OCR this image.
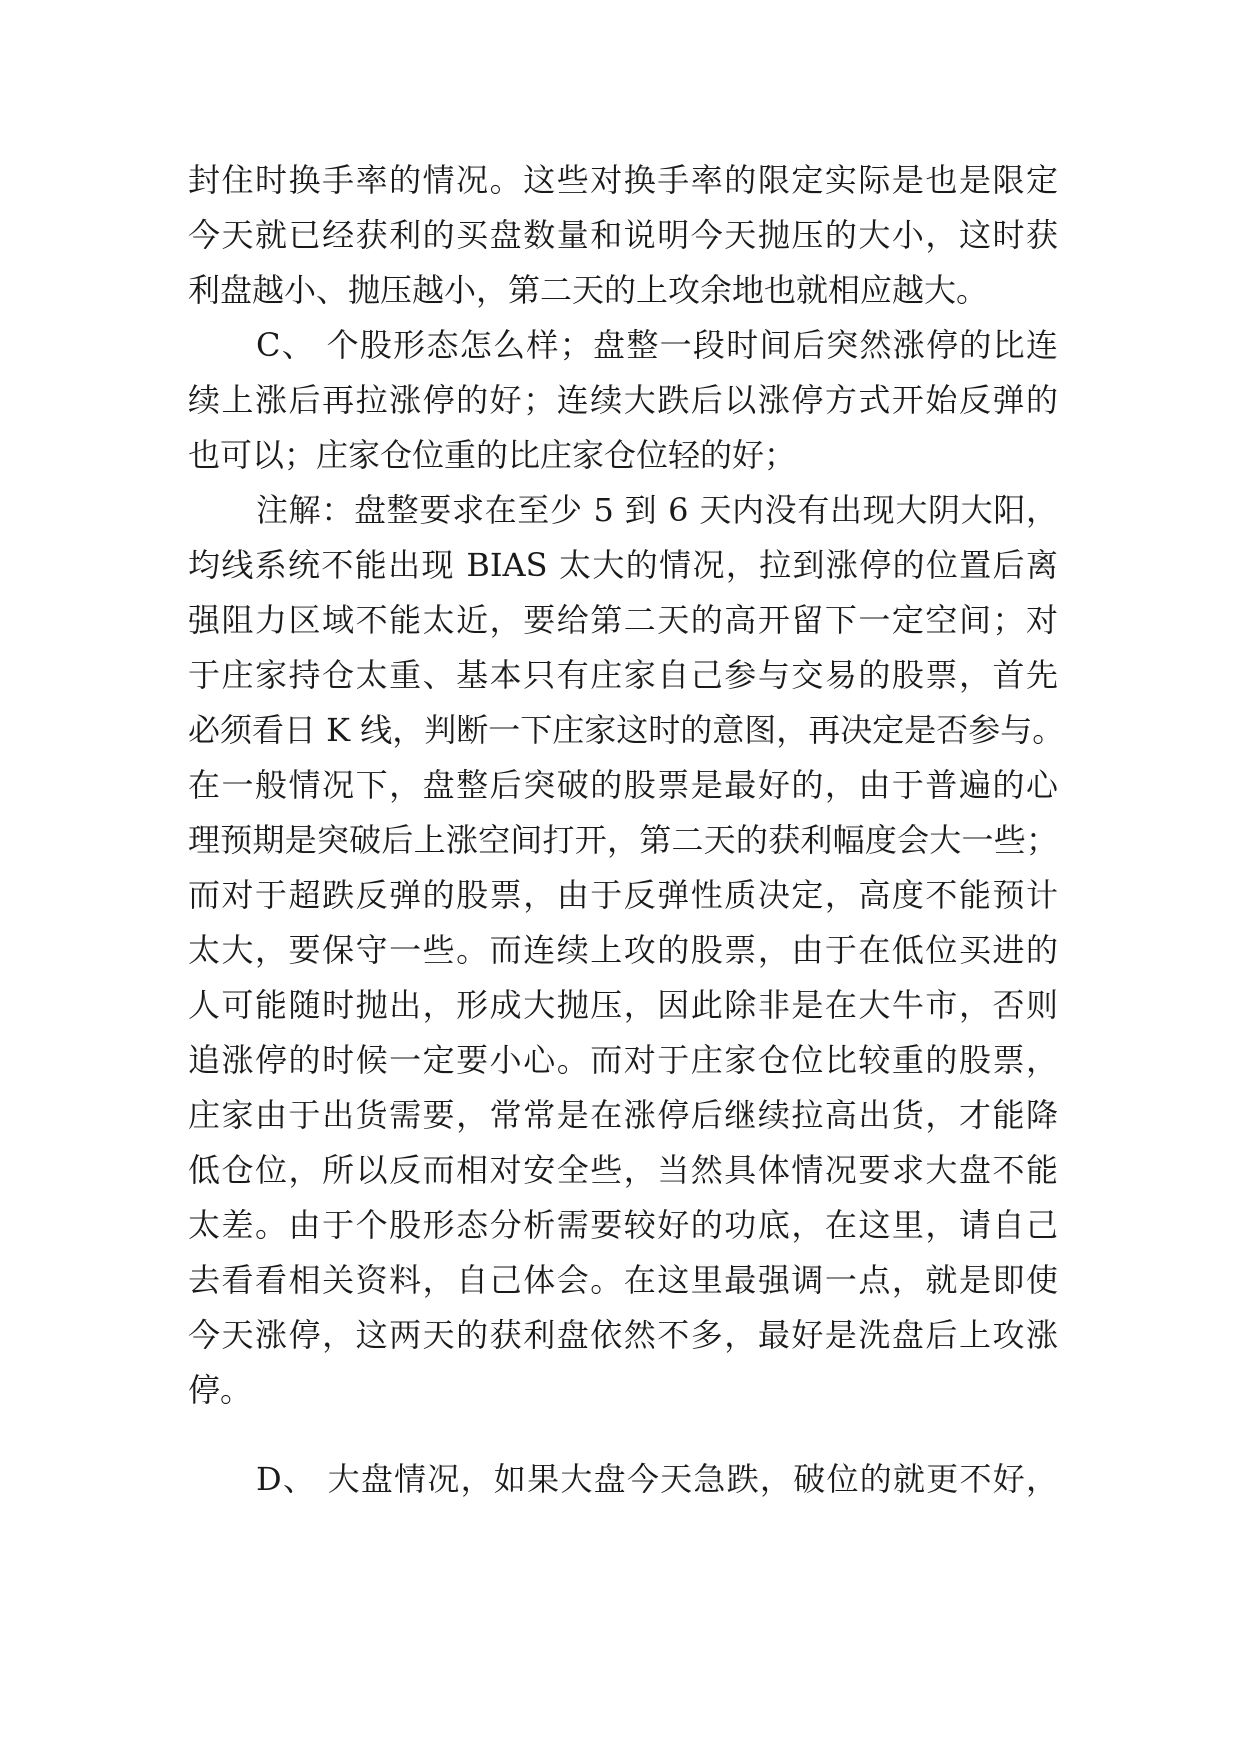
封住时换手率的情况。这些对换手率的限定实际是也是限定
今天就已经获利的买盘数量和说明今天抛压的大小，这时获
利盘越小、抛压越小，第二天的上攻余地也就相应越大。
C、 个股形态怎么样；盘整一段时间后突然涨停的比连
续上涨后再拉涨停的好；连续大跌后以涨停方式开始反弹的
也可以；庄家仓位重的比庄家仓位轻的好；
注解：盘整要求在至少 5 到 6 天内没有出现大阴大阳，
均线系统不能出现 BIAS 太大的情况，拉到涨停的位置后离
强阻力区域不能太近，要给第二天的高开留下一定空间；对
于庄家持仓太重、基本只有庄家自己参与交易的股票，首先
必须看日 K 线，判断一下庄家这时的意图，再决定是否参与。
在一般情况下，盘整后突破的股票是最好的，由于普遍的心
理预期是突破后上涨空间打开，第二天的获利幅度会大一些；
而对于超跌反弹的股票，由于反弹性质决定，高度不能预计
太大，要保守一些。而连续上攻的股票，由于在低位买进的
人可能随时抛出，形成大抛压，因此除非是在大牛市，否则
追涨停的时候一定要小心。而对于庄家仓位比较重的股票，
庄家由于出货需要，常常是在涨停后继续拉高出货，才能降
低仓位，所以反而相对安全些，当然具体情况要求大盘不能
太差。由于个股形态分析需要较好的功底，在这里，请自己
去看看相关资料，自己体会。在这里最强调一点，就是即使
今天涨停，这两天的获利盘依然不多，最好是洗盘后上攻涨
停。
D、 大盘情况，如果大盘今天急跌，破位的就更不好，
